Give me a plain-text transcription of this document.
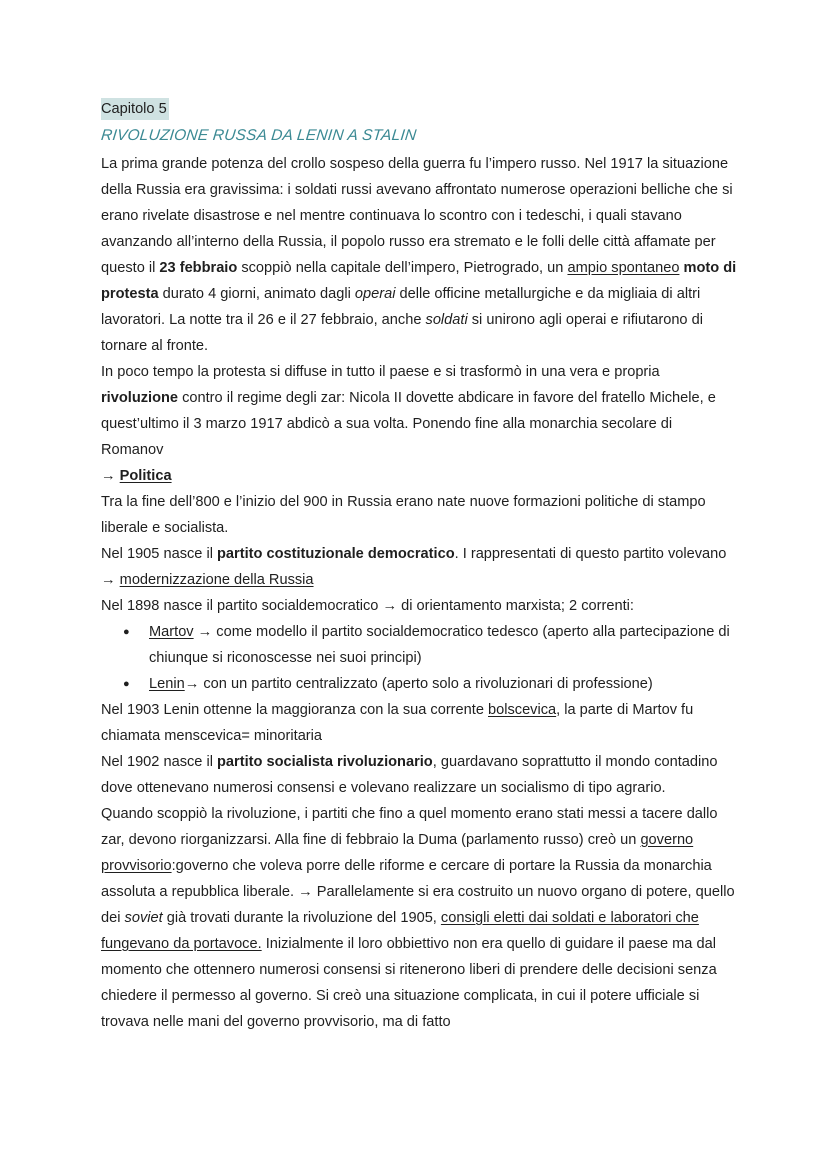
Capitolo 5
RIVOLUZIONE RUSSA DA LENIN A STALIN

La prima grande potenza del crollo sospeso della guerra fu l’impero russo. Nel 1917 la situazione della Russia era gravissima: i soldati russi avevano affrontato numerose operazioni belliche che si erano rivelate disastrose e nel mentre continuava lo scontro con i tedeschi, i quali stavano avanzando all’interno della Russia, il popolo russo era stremato e le folli delle città affamate per questo il 23 febbraio scoppiò nella capitale dell’impero, Pietrogrado, un ampio spontaneo moto di protesta durato 4 giorni, animato dagli operai delle officine metallurgiche e da migliaia di altri lavoratori. La notte tra il 26 e il 27 febbraio, anche soldati si unirono agli operai e rifiutarono di tornare al fronte.

In poco tempo la protesta si diffuse in tutto il paese e si trasformò in una vera e propria rivoluzione contro il regime degli zar: Nicola II dovette abdicare in favore del fratello Michele, e quest’ultimo il 3 marzo 1917 abdicò a sua volta. Ponendo fine alla monarchia secolare di Romanov

→ Politica

Tra la fine dell’800 e l’inizio del 900 in Russia erano nate nuove formazioni politiche di stampo liberale e socialista.

Nel 1905 nasce il partito costituzionale democratico. I rappresentati di questo partito volevano → modernizzazione della Russia

Nel 1898 nasce il partito socialdemocratico → di orientamento marxista; 2 correnti:

● Martov → come modello il partito socialdemocratico tedesco (aperto alla partecipazione di chiunque si riconoscesse nei suoi principi)
● Lenin→ con un partito centralizzato (aperto solo a rivoluzionari di professione)

Nel 1903 Lenin ottenne la maggioranza con la sua corrente bolscevica, la parte di Martov fu chiamata menscevica= minoritaria

Nel 1902 nasce il partito socialista rivoluzionario, guardavano soprattutto il mondo contadino dove ottenevano numerosi consensi e volevano realizzare un socialismo di tipo agrario.

Quando scoppiò la rivoluzione, i partiti che fino a quel momento erano stati messi a tacere dallo zar, devono riorganizzarsi. Alla fine di febbraio la Duma (parlamento russo) creò un governo provvisorio:governo che voleva porre delle riforme e cercare di portare la Russia da monarchia assoluta a repubblica liberale. → Parallelamente si era costruito un nuovo organo di potere, quello dei soviet già trovati durante la rivoluzione del 1905, consigli eletti dai soldati e laboratori che fungevano da portavoce. Inizialmente il loro obbiettivo non era quello di guidare il paese ma dal momento che ottennero numerosi consensi si ritenerono liberi di prendere delle decisioni senza chiedere il permesso al governo. Si creò una situazione complicata, in cui il potere ufficiale si trovava nelle mani del governo provvisorio, ma di fatto
